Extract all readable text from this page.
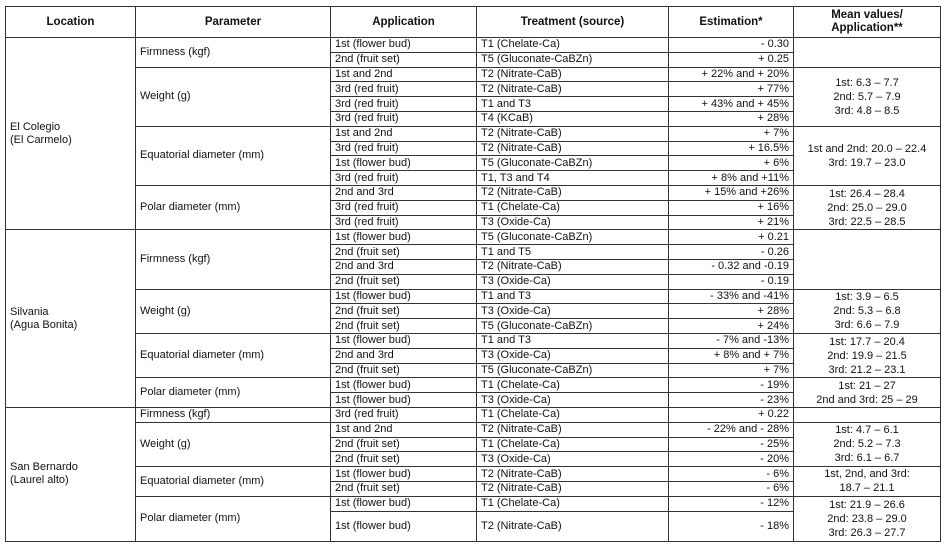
Location	Parameter	Application	Treatment (source)	Estimation*	Mean values/
Application**
El Colegio
(El Carmelo)	Firmness (kgf)	1st (flower bud)	T1 (Chelate-Ca)	- 0.30	
		2nd (fruit set)	T5 (Gluconate-CaBZn)	+ 0.25	
	Weight (g)	1st and 2nd	T2 (Nitrate-CaB)	+ 22% and + 20%	1st: 6.3 – 7.7
2nd: 5.7 – 7.9
3rd: 4.8 – 8.5

		3rd (red fruit)	T2 (Nitrate-CaB)	+ 77%	
		3rd (red fruit)	T1 and T3	+ 43% and + 45%	
		3rd (red fruit)	T4 (KCaB)	+ 28%	
	Equatorial diameter (mm)	1st and 2nd	T2 (Nitrate-CaB)	+ 7%	1st and 2nd: 20.0 – 22.4
3rd: 19.7 – 23.0

		3rd (red fruit)	T2 (Nitrate-CaB)	+ 16.5%	
		1st (flower bud)	T5 (Gluconate-CaBZn)	+ 6%	
		3rd (red fruit)	T1, T3 and T4	+ 8% and +11%	
	Polar diameter (mm)	2nd and 3rd	T2 (Nitrate-CaB)	+ 15% and +26%	1st: 26.4 – 28.4
2nd: 25.0 – 29.0
3rd: 22.5 – 28.5

		3rd (red fruit)	T1 (Chelate-Ca)	+ 16%	
		3rd (red fruit)	T3 (Oxide-Ca)	+ 21%	
Silvania
(Agua Bonita)	Firmness (kgf)	1st (flower bud)	T5 (Gluconate-CaBZn)	+ 0.21	
		2nd (fruit set)	T1 and T5	- 0.26	
		2nd and 3rd	T2 (Nitrate-CaB)	- 0.32 and -0.19	
		2nd (fruit set)	T3 (Oxide-Ca)	- 0.19	
	Weight (g)	1st (flower bud)	T1 and T3	- 33% and -41%	1st: 3.9 – 6.5
2nd: 5.3 – 6.8
3rd: 6.6 – 7.9

		2nd (fruit set)	T3 (Oxide-Ca)	+ 28%	
		2nd (fruit set)	T5 (Gluconate-CaBZn)	+ 24%	
	Equatorial diameter (mm)	1st (flower bud)	T1 and T3	- 7% and -13%	1st: 17.7 – 20.4
2nd: 19.9 – 21.5
3rd: 21.2 – 23.1

		2nd and 3rd	T3 (Oxide-Ca)	+ 8% and + 7%	
		2nd (fruit set)	T5 (Gluconate-CaBZn)	+ 7%	
	Polar diameter (mm)	1st (flower bud)	T1 (Chelate-Ca)	- 19%	1st: 21 – 27
2nd and 3rd: 25 – 29

		1st (flower bud)	T3 (Oxide-Ca)	- 23%	
San Bernardo
(Laurel alto)	Firmness (kgf)	3rd (red fruit)	T1 (Chelate-Ca)	+ 0.22	
	Weight (g)	1st and 2nd	T2 (Nitrate-CaB)	- 22% and - 28%	1st: 4.7 – 6.1
2nd: 5.2 – 7.3
3rd: 6.1 – 6.7

		2nd (fruit set)	T1 (Chelate-Ca)	- 25%	
		2nd (fruit set)	T3 (Oxide-Ca)	- 20%	
	Equatorial diameter (mm)	1st (flower bud)	T2 (Nitrate-CaB)	- 6%	1st, 2nd, and 3rd:
18.7 – 21.1

		2nd (fruit set)	T2 (Nitrate-CaB)	- 6%	
	Polar diameter (mm)	1st (flower bud)	T1 (Chelate-Ca)	- 12%	1st: 21.9 – 26.6
2nd: 23.8 – 29.0
3rd: 26.3 – 27.7

		1st (flower bud)	T2 (Nitrate-CaB)	- 18%	
